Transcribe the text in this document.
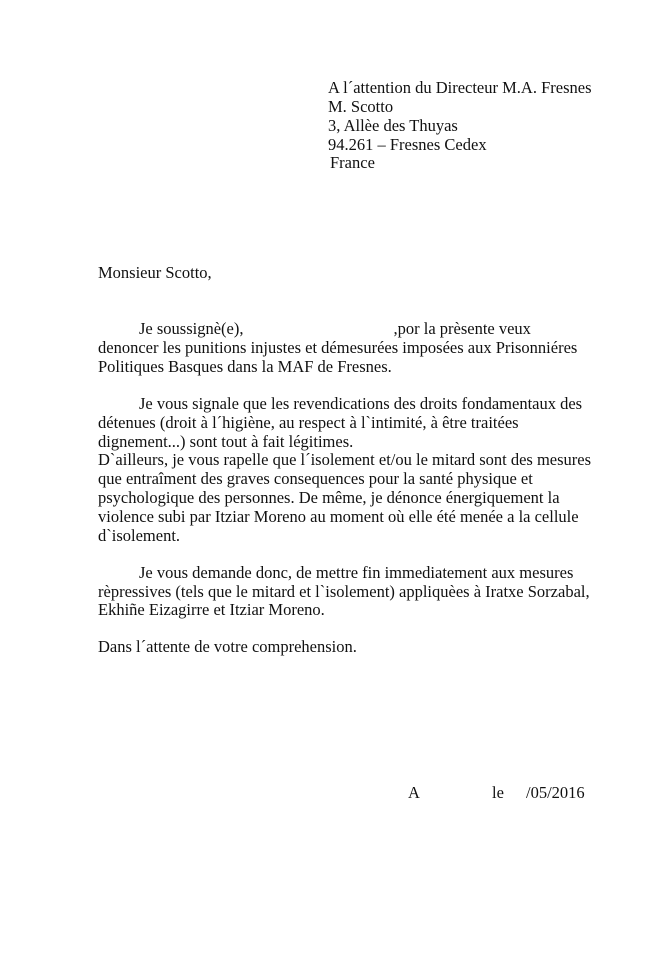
A l´attention du Directeur M.A. Fresnes

M. Scotto

3, Allèe des Thuyas

94.261 – Fresnes Cedex

France

Monsieur Scotto,

Je soussignè(e),	,por la prèsente veux

denoncer les punitions injustes et démesurées imposées aux Prisonniéres

Politiques Basques dans la MAF de Fresnes.

Je vous signale que les revendications des droits fondamentaux des

détenues (droit à l´higiène, au respect à l`intimité, à être traitées

dignement...) sont tout à fait légitimes.

D`ailleurs, je vous rapelle que l´isolement et/ou le mitard sont des mesures

que entraîment des graves consequences pour la santé physique et

psychologique des personnes. De même, je dénonce énergiquement la

violence subi par Itziar Moreno au moment où elle été menée a la cellule

d`isolement.

Je vous demande donc, de mettre fin immediatement aux mesures

rèpressives (tels que le mitard et l`isolement) appliquèes à Iratxe Sorzabal,

Ekhiñe Eizagirre et Itziar Moreno.

Dans l´attente de votre comprehension.

A	le /05/2016
